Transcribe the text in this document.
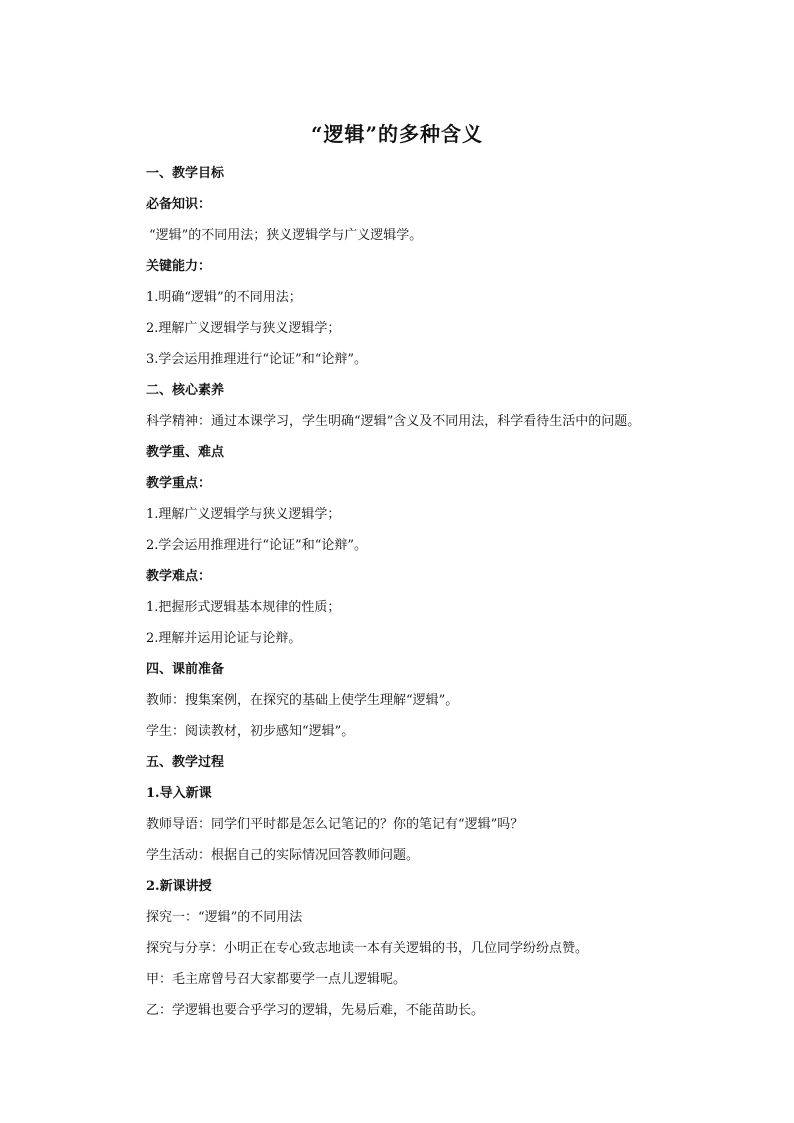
“逻辑”的多种含义

一、教学目标

必备知识：

“逻辑”的不同用法；狭义逻辑学与广义逻辑学。

关键能力：

1.明确“逻辑”的不同用法；

2.理解广义逻辑学与狭义逻辑学；

3.学会运用推理进行“论证”和“论辩”。

二、核心素养

科学精神：通过本课学习，学生明确“逻辑”含义及不同用法，科学看待生活中的问题。

教学重、难点

教学重点：

1.理解广义逻辑学与狭义逻辑学；

2.学会运用推理进行“论证”和“论辩”。

教学难点：

1.把握形式逻辑基本规律的性质；

2.理解并运用论证与论辩。

四、课前准备

教师：搜集案例，在探究的基础上使学生理解“逻辑”。

学生：阅读教材，初步感知“逻辑”。

五、教学过程

1.导入新课

教师导语：同学们平时都是怎么记笔记的？你的笔记有“逻辑”吗？

学生活动：根据自己的实际情况回答教师问题。

2.新课讲授

探究一：“逻辑”的不同用法

探究与分享：小明正在专心致志地读一本有关逻辑的书，几位同学纷纷点赞。

甲：毛主席曾号召大家都要学一点儿逻辑呢。

乙：学逻辑也要合乎学习的逻辑，先易后难，不能苗助长。
